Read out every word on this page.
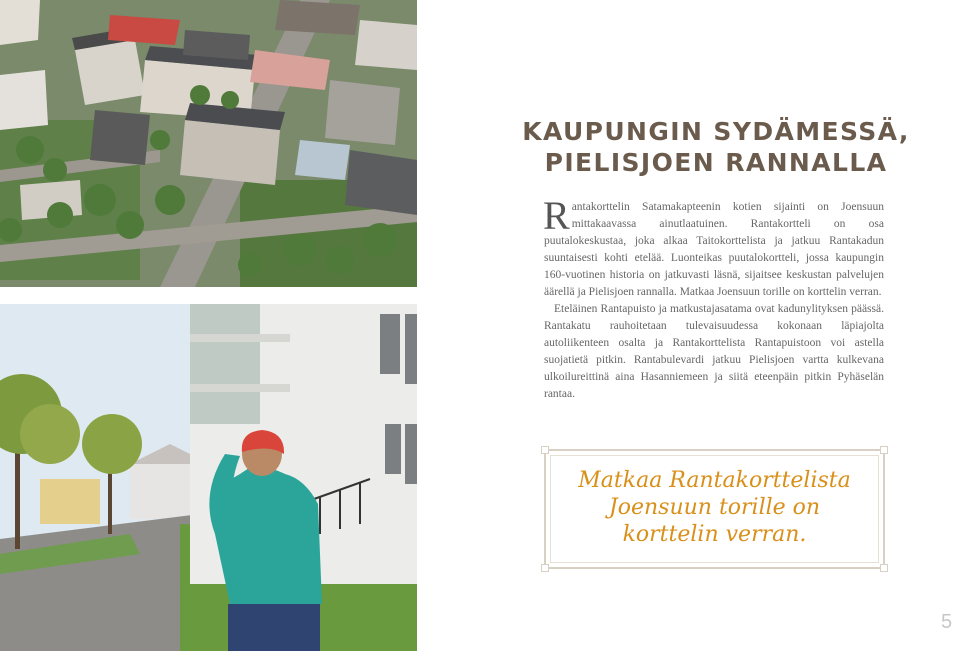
KAUPUNGIN SYDÄMESSÄ,
PIELISJOEN RANNALLA

Rantakorttelin Satamakapteenin kotien sijainti on Joensuun mittakaavassa ainutlaatuinen. Rantakortteli on osa puutalokeskustaa, joka alkaa Taitokorttelista ja jatkuu Rantakadun suuntaisesti kohti etelää. Luonteikas puutalokortteli, jossa kaupungin 160-vuotinen historia on jatkuvasti läsnä, sijaitsee keskustan palvelujen äärellä ja Pielisjoen rannalla. Matkaa Joensuun torille on korttelin verran.

Eteläinen Rantapuisto ja matkustajasatama ovat kadunylityksen päässä. Rantakatu rauhoitetaan tulevaisuudessa kokonaan läpiajolta autoliikenteen osalta ja Rantakorttelista Rantapuistoon voi astella suojatietä pitkin. Rantabulevardi jatkuu Pielisjoen varttа kulkevana ulkoilureittinä aina Hasanniemeen ja siitä eteenpäin pitkin Pyhäselän rantaa.

Matkaa Rantakorttelista
Joensuun torille on
korttelin verran.
5
